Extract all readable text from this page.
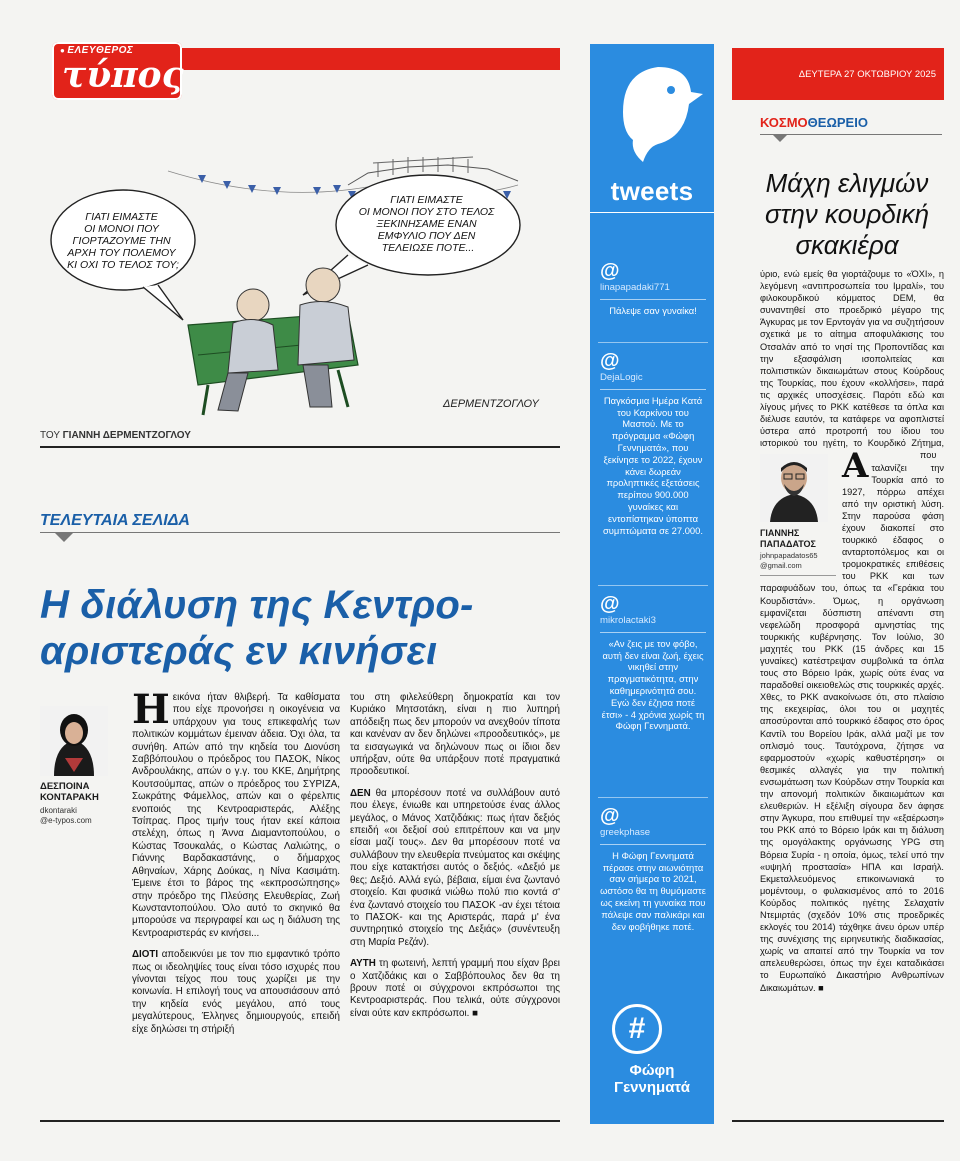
● ΕΛΕΥΘΕΡΟΣ
τύπος
ΓΙΑΤΙ ΕΙΜΑΣΤΕ ΟΙ ΜΟΝΟΙ ΠΟΥ ΓΙΟΡΤΑΖΟΥΜΕ ΤΗΝ ΑΡΧΗ ΤΟΥ ΠΟΛΕΜΟΥ ΚΙ ΟΧΙ ΤΟ ΤΕΛΟΣ ΤΟΥ;
ΓΙΑΤΙ ΕΙΜΑΣΤΕ ΟΙ ΜΟΝΟΙ ΠΟΥ ΣΤΟ ΤΕΛΟΣ ΞΕΚΙΝΗΣΑΜΕ ΕΝΑΝ ΕΜΦΥΛΙΟ ΠΟΥ ΔΕΝ ΤΕΛΕΙΩΣΕ ΠΟΤΕ...
ΔΕΡΜΕΝΤΖΟΓΛΟΥ
ΤΟΥ ΓΙΑΝΝΗ ΔΕΡΜΕΝΤΖΟΓΛΟΥ
ΤΕΛΕΥΤΑΙΑ ΣΕΛΙΔΑ
Η διάλυση της Κεντρο-
αριστεράς εν κινήσει
ΔΕΣΠΟΙΝΑ
ΚΟΝΤΑΡΑΚΗ
dkontaraki
@e-typos.com

Ηεικόνα ήταν θλιβερή. Τα καθίσματα που είχε προνοήσει η οικογένεια να υπάρχουν για τους επικεφαλής των πολιτικών κομμάτων έμειναν άδεια. Όχι όλα, τα συνήθη. Απών από την κηδεία του Διονύση Σαββόπουλου ο πρόεδρος του ΠΑΣΟΚ, Νίκος Ανδρουλάκης, απών ο γ.γ. του ΚΚΕ, Δημήτρης Κουτσούμπας, απών ο πρόεδρος του ΣΥΡΙΖΑ, Σωκράτης Φάμελλος, απών και ο φέρελπις ενοποιός της Κεντροαριστεράς, Αλέξης Τσίπρας. Προς τιμήν τους ήταν εκεί κάποια στελέχη, όπως η Άννα Διαμαντοπούλου, ο Κώστας Τσουκαλάς, ο Κώστας Λαλιώτης, ο Γιάννης Βαρδακαστάνης, ο δήμαρχος Αθηναίων, Χάρης Δούκας, η Νίνα Κασιμάτη. Έμεινε έτσι το βάρος της «εκπροσώπησης» στην πρόεδρο της Πλεύσης Ελευθερίας, Ζωή Κωνσταντοπούλου. Όλο αυτό το σκηνικό θα μπορούσε να περιγραφεί και ως η διάλυση της Κεντροαριστεράς εν κινήσει...

ΔΙΟΤΙ αποδεικνύει με τον πιο εμφαντικό τρόπο πως οι ιδεοληψίες τους είναι τόσο ισχυρές που γίνονται τείχος που τους χωρίζει με την κοινωνία. Η επιλογή τους να απουσιάσουν από την κηδεία ενός μεγάλου, από τους μεγαλύτερους, Έλληνες δημιουργούς, επειδή είχε δηλώσει τη στήριξή

του στη φιλελεύθερη δημοκρατία και τον Κυριάκο Μητσοτάκη, είναι η πιο λυπηρή απόδειξη πως δεν μπορούν να ανεχθούν τίποτα και κανέναν αν δεν δηλώνει «προοδευτικός», με τα εισαγωγικά να δηλώνουν πως οι ίδιοι δεν υπήρξαν, ούτε θα υπάρξουν ποτέ πραγματικά προοδευτικοί.

ΔΕΝ θα μπορέσουν ποτέ να συλλάβουν αυτό που έλεγε, ένιωθε και υπηρετούσε ένας άλλος μεγάλος, ο Μάνος Χατζιδάκις: πως ήταν δεξιός επειδή «οι δεξιοί σού επιτρέπουν και να μην είσαι μαζί τους». Δεν θα μπορέσουν ποτέ να συλλάβουν την ελευθερία πνεύματος και σκέψης που είχε κατακτήσει αυτός ο δεξιός. «Δεξιό με θες; Δεξιό. Αλλά εγώ, βέβαια, είμαι ένα ζωντανό στοιχείο. Και φυσικά νιώθω πολύ πιο κοντά σ' ένα ζωντανό στοιχείο του ΠΑΣΟΚ -αν έχει τέτοια το ΠΑΣΟΚ- και της Αριστεράς, παρά μ' ένα συντηρητικό στοιχείο της Δεξιάς» (συνέντευξη στη Μαρία Ρεζάν).

ΑΥΤΗ τη φωτεινή, λεπτή γραμμή που είχαν βρει ο Χατζιδάκις και ο Σαββόπουλος δεν θα τη βρουν ποτέ οι σύγχρονοι εκπρόσωποι της Κεντροαριστεράς. Που τελικά, ούτε σύγχρονοι είναι ούτε καν εκπρόσωποι. ■

tweets
@
linapapadaki771
Πάλεψε σαν γυναίκα!
@
DejaLogic
Παγκόσμια Ημέρα Κατά του Καρκίνου του Μαστού. Με το πρόγραμμα «Φώφη Γεννηματά», που ξεκίνησε το 2022, έχουν κάνει δωρεάν προληπτικές εξετάσεις περίπου 900.000 γυναίκες και εντοπίστηκαν ύποπτα συμπτώματα σε 27.000.
@
mikrolactaki3
«Αν ζεις με τον φόβο, αυτή δεν είναι ζωή, έχεις νικηθεί στην πραγματικότητα, στην καθημερινότητά σου. Εγώ δεν έζησα ποτέ έτσι» - 4 χρόνια χωρίς τη Φώφη Γεννηματά.
@
greekphase
Η Φώφη Γεννηματά πέρασε στην αιωνιότητα σαν σήμερα το 2021, ωστόσο θα τη θυμόμαστε ως εκείνη τη γυναίκα που πάλεψε σαν παλικάρι και δεν φοβήθηκε ποτέ.
#
Φώφη
Γεννηματά
ΔΕΥΤΕΡΑ 27 ΟΚΤΩΒΡΙΟΥ 2025
ΚΟΣΜΟΘΕΩΡΕΙΟ
Μάχη ελιγμών στην κουρδική σκακιέρα

Α
ύριο, ενώ εμείς θα γιορτάζουμε το «ΌΧΙ», η λεγόμενη «αντιπροσωπεία του Ιμραλί», του φιλοκουρδικού κόμματος DEM, θα συναντηθεί στο προεδρικό μέγαρο της Άγκυρας με τον Ερντογάν για να συζητήσουν σχετικά με το αίτημα αποφυλάκισης του Οτσαλάν από το νησί της Προποντίδας και την εξασφάλιση ισοπολιτείας και πολιτιστικών δικαιωμάτων στους Κούρδους της Τουρκίας, που έχουν «κολλήσει», παρά τις αρχικές υποσχέσεις. Παρότι εδώ και λίγους μήνες το PKK κατέθεσε τα όπλα και διέλυσε εαυτόν, τα κατάφερε να αφοπλιστεί ύστερα από προτροπή του ίδιου του ιστορικού του ηγέτη, το Κουρδικό Ζήτημα, που ταλανίζει την Τουρκία από το 1927, πόρρω απέχει από την οριστική λύση. Στην παρούσα φάση έχουν διακοπεί στο τουρκικό έδαφος ο ανταρτοπόλεμος και οι τρομοκρατικές επιθέσεις του PKK και των παραφυάδων του, όπως τα «Γεράκια του Κουρδιστάν». Όμως, η οργάνωση εμφανίζεται δύσπιστη απέναντι στη νεφελώδη προσφορά αμνηστίας της τουρκικής κυβέρνησης. Τον Ιούλιο, 30 μαχητές του PKK (15 άνδρες και 15 γυναίκες) κατέστρεψαν συμβολικά τα όπλα τους στο Βόρειο Ιράκ, χωρίς ούτε ένας να παραδοθεί οικειοθελώς στις τουρκικές αρχές. Χθες, το PKK ανακοίνωσε ότι, στο πλαίσιο της εκεχειρίας, όλοι του οι μαχητές αποσύρονται από τουρκικό έδαφος στο όρος Καντίλ του Βορείου Ιράκ, αλλά μαζί με τον οπλισμό τους. Ταυτόχρονα, ζήτησε να εφαρμοστούν «χωρίς καθυστέρηση» οι θεσμικές αλλαγές για την πολιτική ενσωμάτωση των Κούρδων στην Τουρκία και την απονομή πολιτικών δικαιωμάτων και ελευθεριών. Η εξέλιξη σίγουρα δεν άφησε στην Άγκυρα, που επιθυμεί την «εξαέρωση» του PKK από το Βόρειο Ιράκ και τη διάλυση της ομογάλακτης οργάνωσης YPG στη Βόρεια Συρία - η οποία, όμως, τελεί υπό την «υψηλή προστασία» ΗΠΑ και Ισραήλ. Εκμεταλλευόμενος επικοινωνιακά το μομέντουμ, ο φυλακισμένος από το 2016 Κούρδος πολιτικός ηγέτης Σελαχατίν Ντεμιρτάς (σχεδόν 10% στις προεδρικές εκλογές του 2014) τάχθηκε άνευ όρων υπέρ της συνέχισης της ειρηνευτικής διαδικασίας, χωρίς να απαιτεί από την Τουρκία να τον απελευθερώσει, όπως την έχει καταδικάσει το Ευρωπαϊκό Δικαστήριο Ανθρωπίνων Δικαιωμάτων. ■

ΓΙΑΝΝΗΣ
ΠΑΠΑΔΑΤΟΣ
johnpapadatos65
@gmail.com
